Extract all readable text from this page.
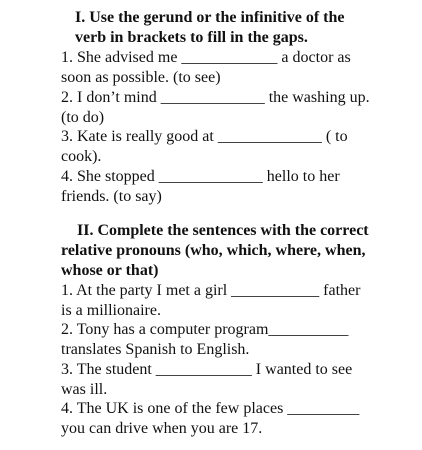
I. Use the gerund or the infinitive of the
verb in brackets to fill in the gaps.
1. She advised me ____________ a doctor as
soon as possible. (to see)
2. I don’t mind _____________ the washing up.
(to do)
3. Kate is really good at _____________ ( to
cook).
4. She stopped _____________ hello to her
friends. (to say)
II. Complete the sentences with the correct
relative pronouns (who, which, where, when,
whose or that)
1. At the party I met a girl ___________ father
is a millionaire.
2. Tony has a computer program__________
translates Spanish to English.
3. The student ____________ I wanted to see
was ill.
4. The UK is one of the few places _________
you can drive when you are 17.
